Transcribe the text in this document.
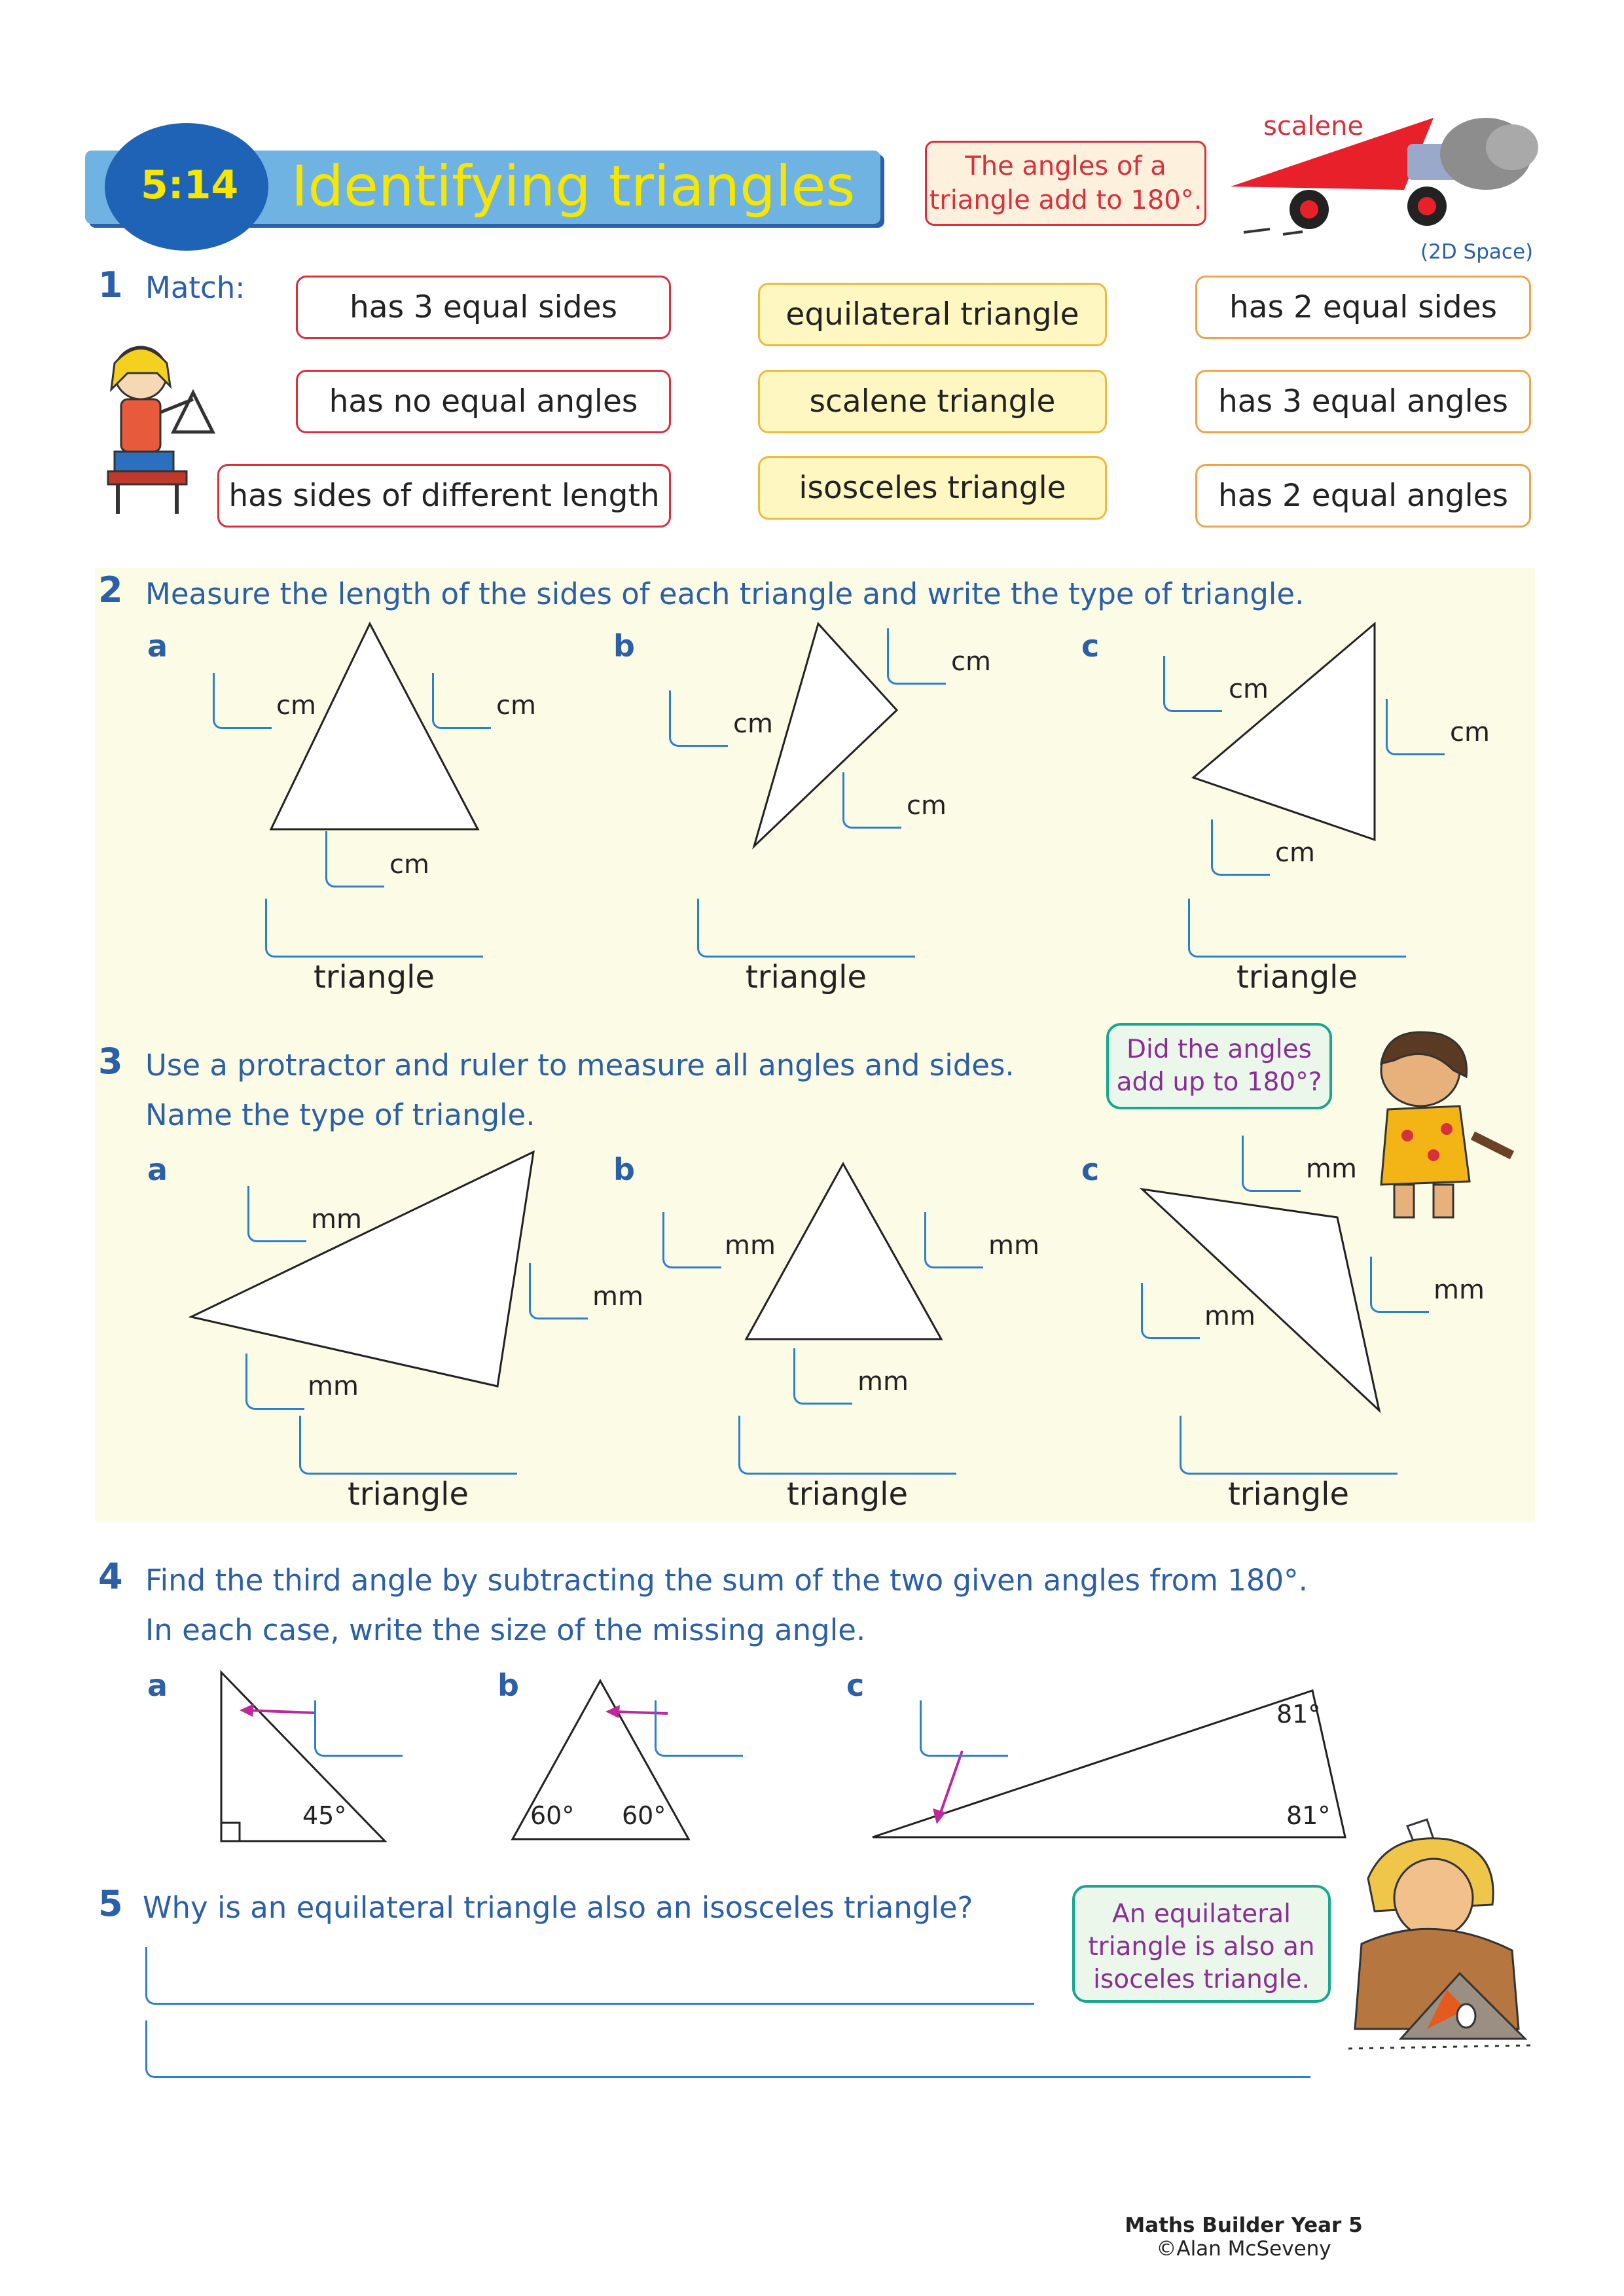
5:14 Identifying triangles	The angles of a
triangle add to 180°.
scalene
(2D Space)
1 Match:
has 3 equal sides
has no equal angles
has sides of different length
equilateral triangle
scalene triangle
isosceles triangle
has 2 equal sides
has 3 equal angles
has 2 equal angles
2 Measure the length of the sides of each triangle and write the type of triangle.
a	b	c
cm	cm
cm
triangle
cm
cm
cm
triangle
cm
cm
cm
triangle
3 Use a protractor and ruler to measure all angles and sides.
Name the type of triangle.
Did the angles
add up to 180°?
a	b	c
mm
mm
mm
triangle
mm	mm
mm
triangle
mm
mm
mm
triangle
4 Find the third angle by subtracting the sum of the two given angles from 180°.
In each case, write the size of the missing angle.
a	b	c
45°	60° 60°
81°
81°
5 Why is an equilateral triangle also an isosceles triangle?	An equilateral
triangle is also an
isoceles triangle.
Maths Builder Year 5
©Alan McSeveny
